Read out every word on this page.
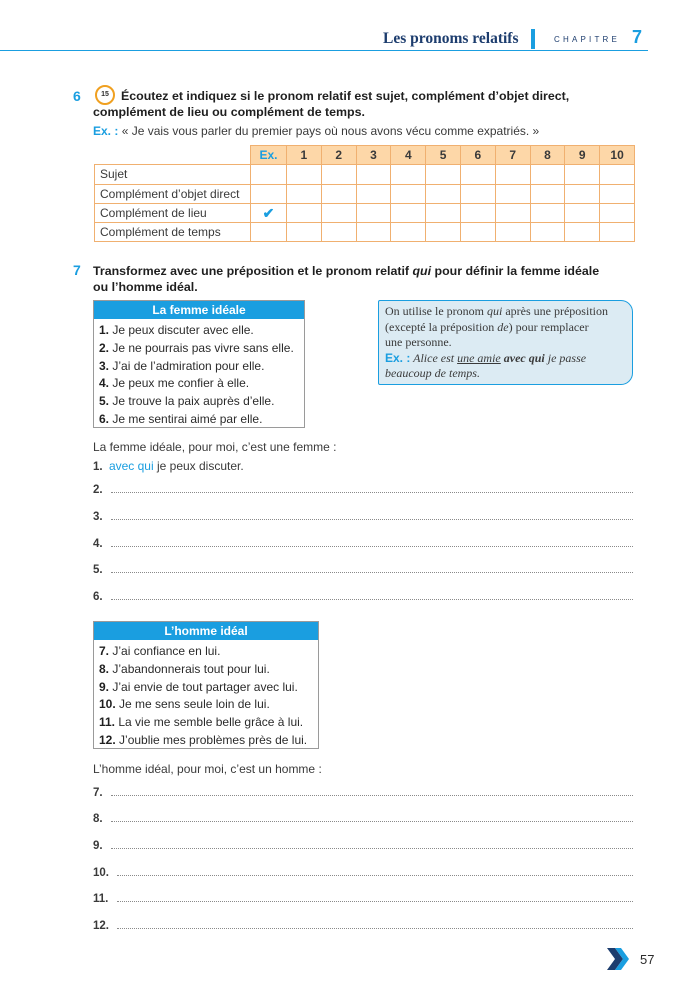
Les pronoms relatifs	CHAPITRE 7
6	15 Écoutez et indiquez si le pronom relatif est sujet, complément d’objet direct,
complément de lieu ou complément de temps.
Ex. : « Je vais vous parler du premier pays où nous avons vécu comme expatriés. »
	Ex.	1	2	3	4	5	6	7	8	9	10
Sujet											
Complément d’objet direct											
Complément de lieu	✔										
Complément de temps											
7 Transformez avec une préposition et le pronom relatif qui pour définir la femme idéale
ou l’homme idéal.
La femme idéale
1. Je peux discuter avec elle.
2. Je ne pourrais pas vivre sans elle.
3. J’ai de l’admiration pour elle.
4. Je peux me confier à elle.
5. Je trouve la paix auprès d’elle.
6. Je me sentirai aimé par elle.
On utilise le pronom qui après une préposition
(excepté la préposition de) pour remplacer
une personne.
Ex. : Alice est une amie avec qui je passe
beaucoup de temps.
La femme idéale, pour moi, c’est une femme :
1. avec qui je peux discuter.
2.
3.
4.
5.
6.
L’homme idéal
7. J’ai confiance en lui.
8. J’abandonnerais tout pour lui.
9. J’ai envie de tout partager avec lui.
10. Je me sens seule loin de lui.
11. La vie me semble belle grâce à lui.
12. J’oublie mes problèmes près de lui.
L’homme idéal, pour moi, c’est un homme :
7.
8.
9.
10.
11.
12.
57
